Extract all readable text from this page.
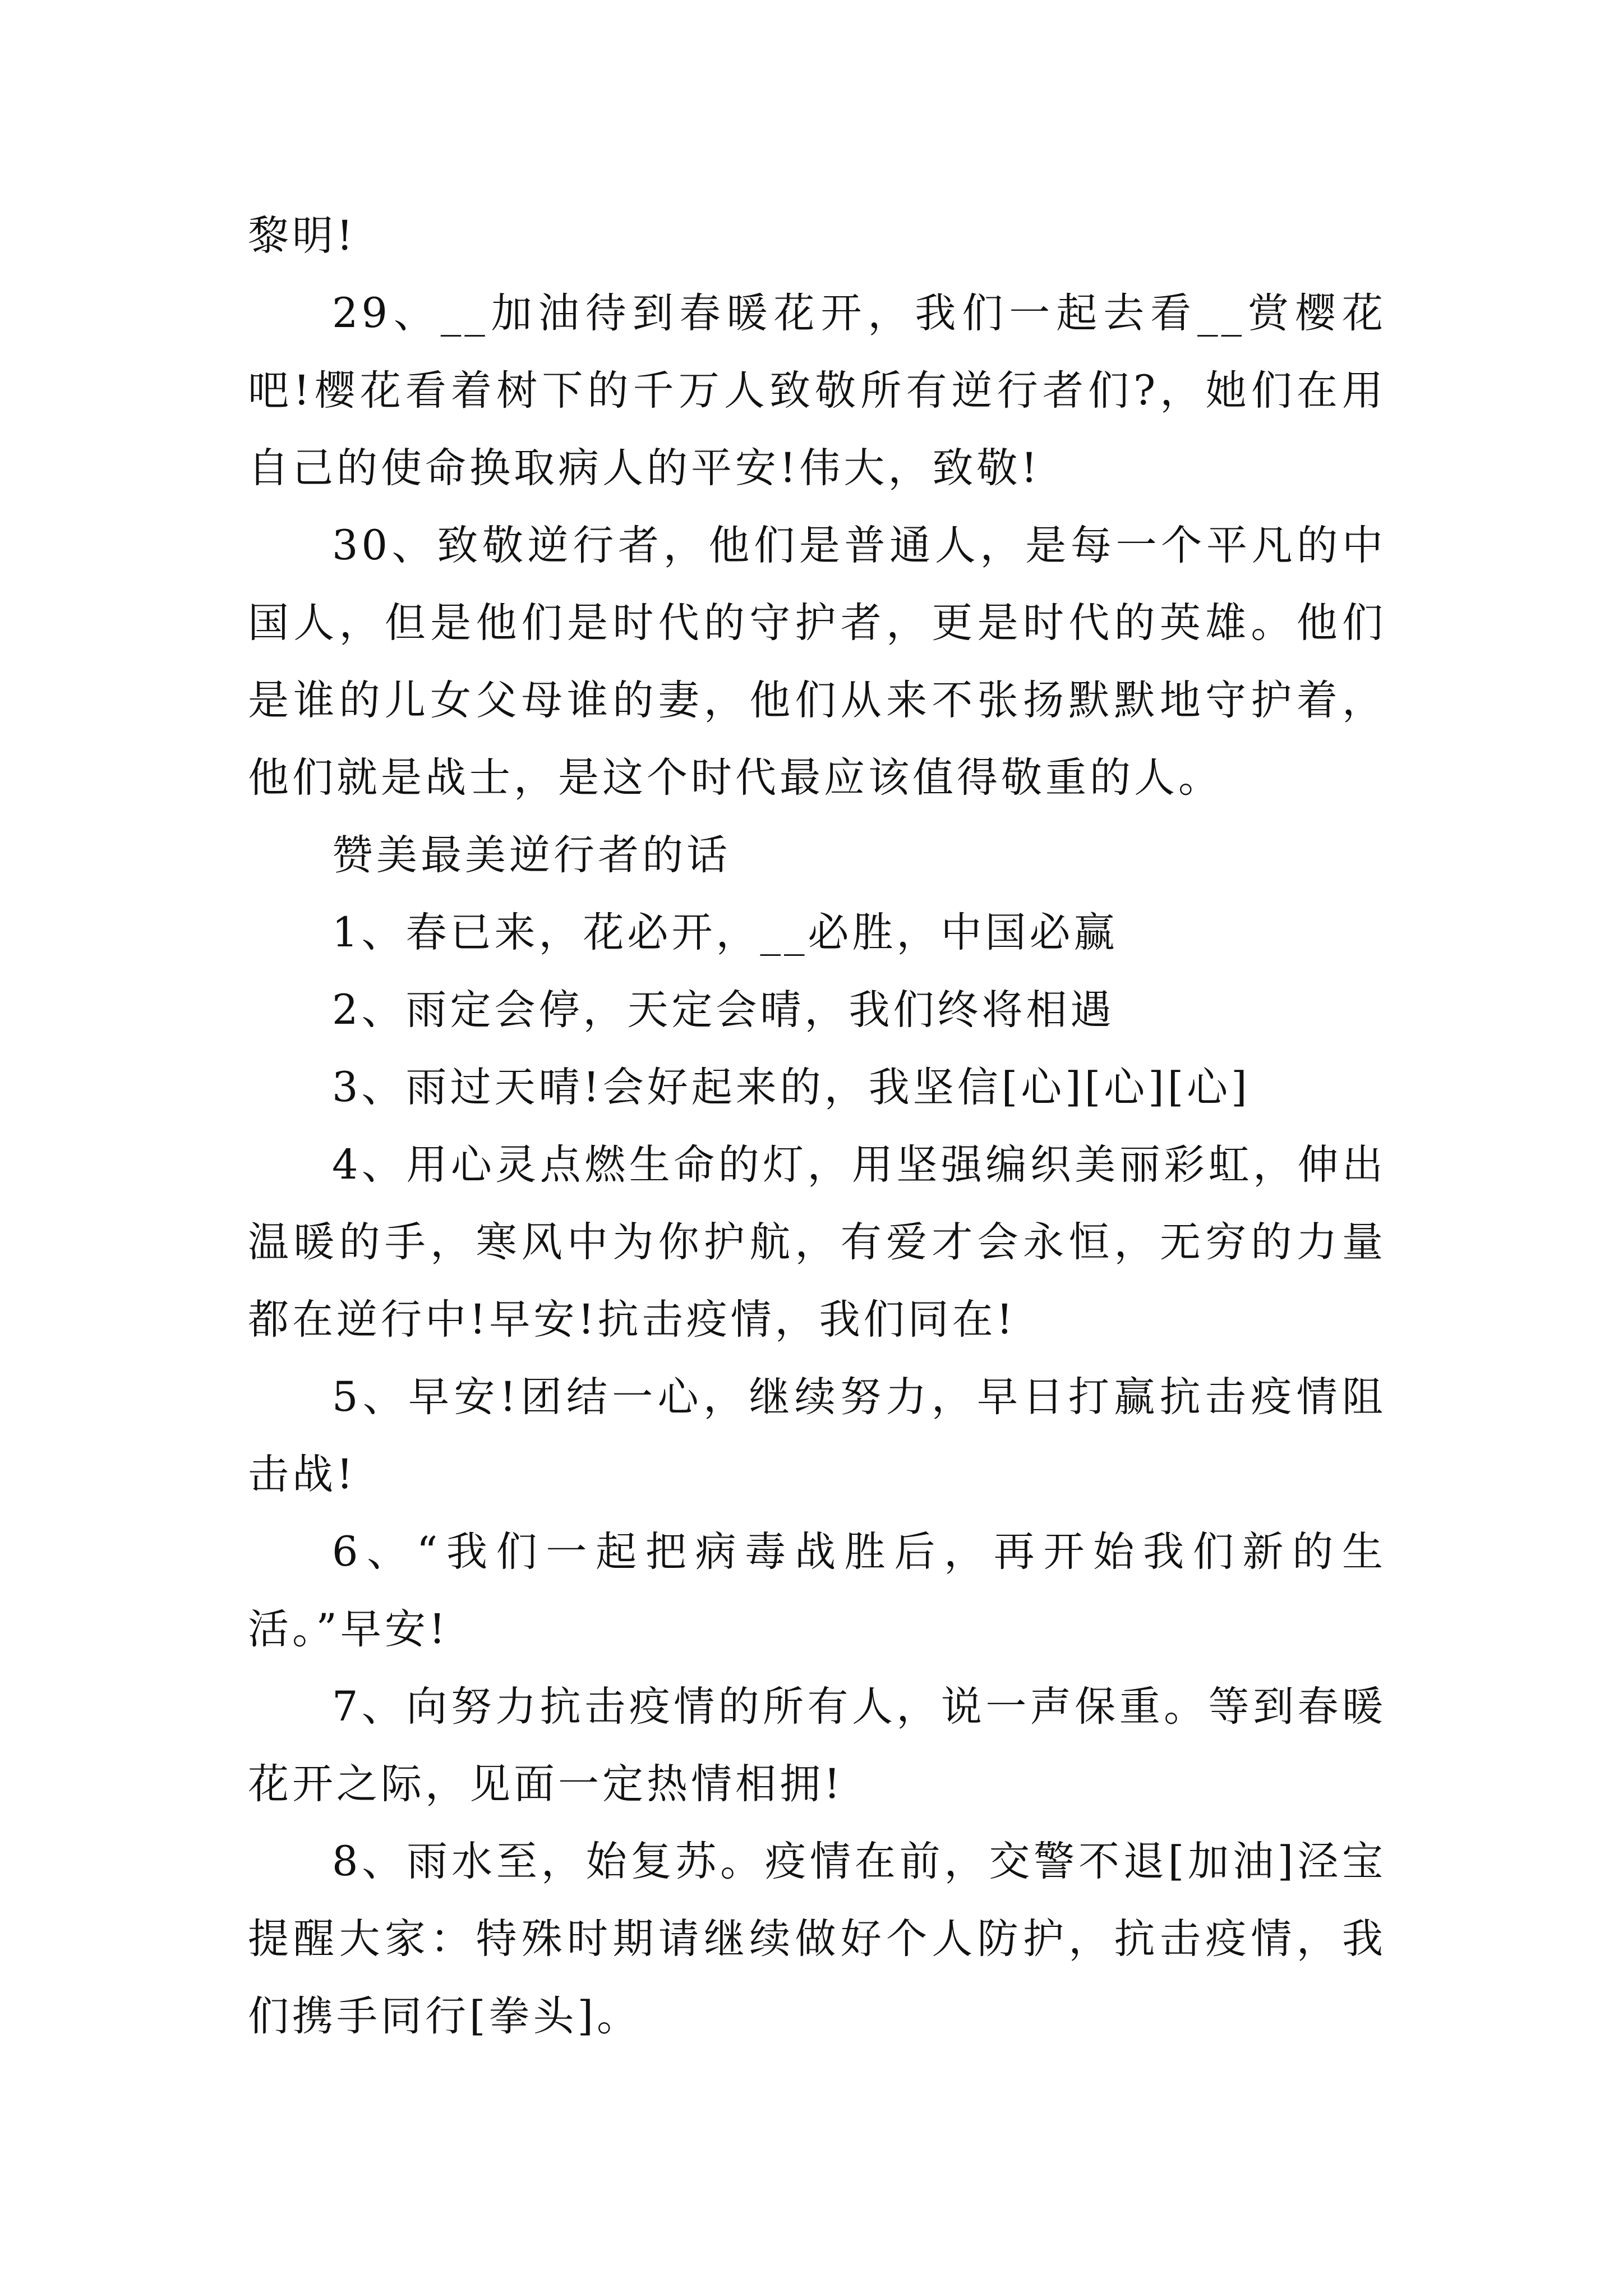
黎明!

29、__加油待到春暖花开，我们一起去看__赏樱花吧!樱花看着树下的千万人致敬所有逆行者们?，她们在用自己的使命换取病人的平安!伟大，致敬!

30、致敬逆行者，他们是普通人，是每一个平凡的中国人，但是他们是时代的守护者，更是时代的英雄。他们是谁的儿女父母谁的妻，他们从来不张扬默默地守护着，他们就是战士，是这个时代最应该值得敬重的人。

赞美最美逆行者的话

1、春已来，花必开，__必胜，中国必赢

2、雨定会停，天定会晴，我们终将相遇

3、雨过天晴!会好起来的，我坚信[心][心][心]

4、用心灵点燃生命的灯，用坚强编织美丽彩虹，伸出温暖的手，寒风中为你护航，有爱才会永恒，无穷的力量都在逆行中!早安!抗击疫情，我们同在!

5、早安!团结一心，继续努力，早日打赢抗击疫情阻击战!

6、“我们一起把病毒战胜后，再开始我们新的生活。”早安!

7、向努力抗击疫情的所有人，说一声保重。等到春暖花开之际，见面一定热情相拥!

8、雨水至，始复苏。疫情在前，交警不退[加油]泾宝提醒大家：特殊时期请继续做好个人防护，抗击疫情，我们携手同行[拳头]。
